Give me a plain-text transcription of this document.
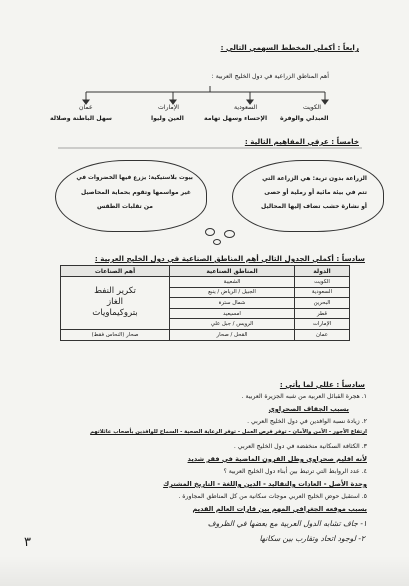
رابعاً : أكملي المخطط السهمي التالي :
أهم المناطق الزراعية في دول الخليج العربية :
الكويت
العبدلي والوفرة
السعودية
الإحساء وسهل تهامة
الإمارات
العين وليوا
عمان
سهل الباطنة وصلالة
خامساً : عرفي المفاهيم التالية :
الزراعة بدون تربة: هي الزراعة التي
تتم في بيئة مائية أو رملية أو حصى
أو نشارة خشب تضاف إليها المحاليل
بيوت بلاستيكية: يزرع فيها الخضروات في
غير مواسمها وتقوم بحماية المحاصيل
من تقلبات الطقس
سادساً : أكملي الجدول التالي أهم المناطق الصناعية في دول الخليج العربية :
الدولة	المناطق الصناعية	أهم الصناعات
الكويت	الشعيبة	تكرير النفط
الغاز
بتروكيماويات

السعودية	الجبيل / الرياض / ينبع	
البحرين	شمال سترة	
قطر	امسيعيد	
الإمارات	الرويس / جبل علي	
عمان	القحل / صحار	صحار (النحاس فقط)
سادساً : عللي لما يأتي :
١. هجرة القبائل العربية من شبه الجزيرة العربية .
بسبب الجفاف الصحراوي
٢. زيادة نسبة الوافدين في دول الخليج العربي .
ارتفاع الأجور - الأمن والأمان - توفر فرص العمل - توفر الرعاية الصحية - السماح للوافدين بأصحاب عائلاتهم
٣. الكثافة السكانية منخفضة في دول الخليج العربي .
لأنه اقليم صحراوي وظل القرون الماضية في فقر شديد
٤. عدد الروابط التي ترتبط بين أبناء دول الخليج العربية ؟
وحدة الأصل - العادات والتقاليد - الدين واللغة - التاريخ المشترك
٥. استقبل حوض الخليج العربي موجات سكانية من كل المناطق المجاورة .
بسبب موقعه الجغرافي المهم بين قارات العالم القديم
١- جاف تشابه الدول العربية مع بعضها في الظروف
٢- لوجود اتحاد وتقارب بين سكانها
٣
